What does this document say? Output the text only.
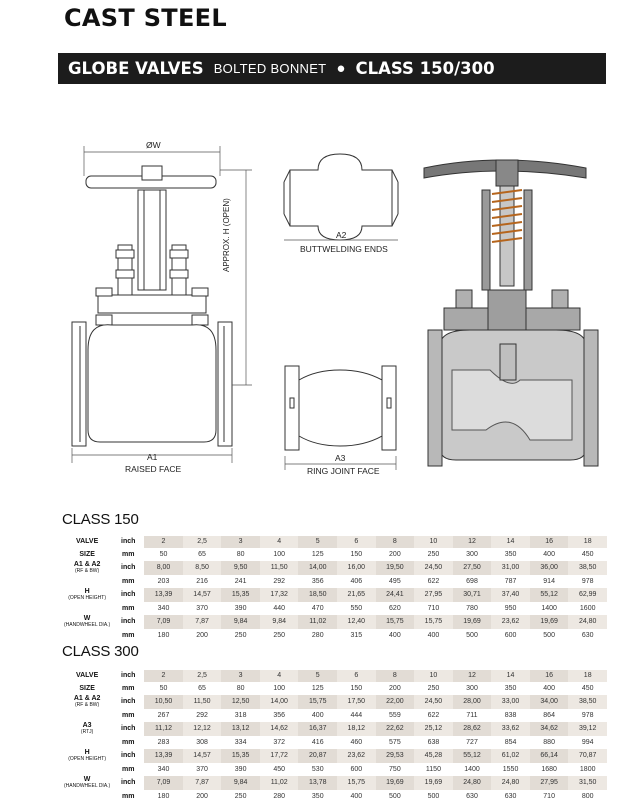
CAST STEEL
GLOBE VALVES BOLTED BONNET ● CLASS 150/300
ØW
APPROX. H (OPEN)
A1
RAISED FACE
A2
BUTTWELDING ENDS
A3
RING JOINT FACE
CLASS 150
VALVE	inch	2	2,5	3	4	5	6	8	10	12	14	16	18
SIZE	mm	50	65	80	100	125	150	200	250	300	350	400	450
A1 & A2
(RF & BW)	inch	8,00	8,50	9,50	11,50	14,00	16,00	19,50	24,50	27,50	31,00	36,00	38,50

	mm	203	216	241	292	356	406	495	622	698	787	914	978
H
(OPEN HEIGHT)	inch	13,39	14,57	15,35	17,32	18,50	21,65	24,41	27,95	30,71	37,40	55,12	62,99

	mm	340	370	390	440	470	550	620	710	780	950	1400	1600
W
(HANDWHEEL DIA.)	inch	7,09	7,87	9,84	9,84	11,02	12,40	15,75	15,75	19,69	23,62	19,69	24,80

	mm	180	200	250	250	280	315	400	400	500	600	500	630
CLASS 300
VALVE	inch	2	2,5	3	4	5	6	8	10	12	14	16	18
SIZE	mm	50	65	80	100	125	150	200	250	300	350	400	450
A1 & A2
(RF & BW)	inch	10,50	11,50	12,50	14,00	15,75	17,50	22,00	24,50	28,00	33,00	34,00	38,50

	mm	267	292	318	356	400	444	559	622	711	838	864	978
A3
(RTJ)	inch	11,12	12,12	13,12	14,62	16,37	18,12	22,62	25,12	28,62	33,62	34,62	39,12

	mm	283	308	334	372	416	460	575	638	727	854	880	994
H
(OPEN HEIGHT)	inch	13,39	14,57	15,35	17,72	20,87	23,62	29,53	45,28	55,12	61,02	66,14	70,87

	mm	340	370	390	450	530	600	750	1150	1400	1550	1680	1800
W
(HANDWHEEL DIA.)	inch	7,09	7,87	9,84	11,02	13,78	15,75	19,69	19,69	24,80	24,80	27,95	31,50

	mm	180	200	250	280	350	400	500	500	630	630	710	800
